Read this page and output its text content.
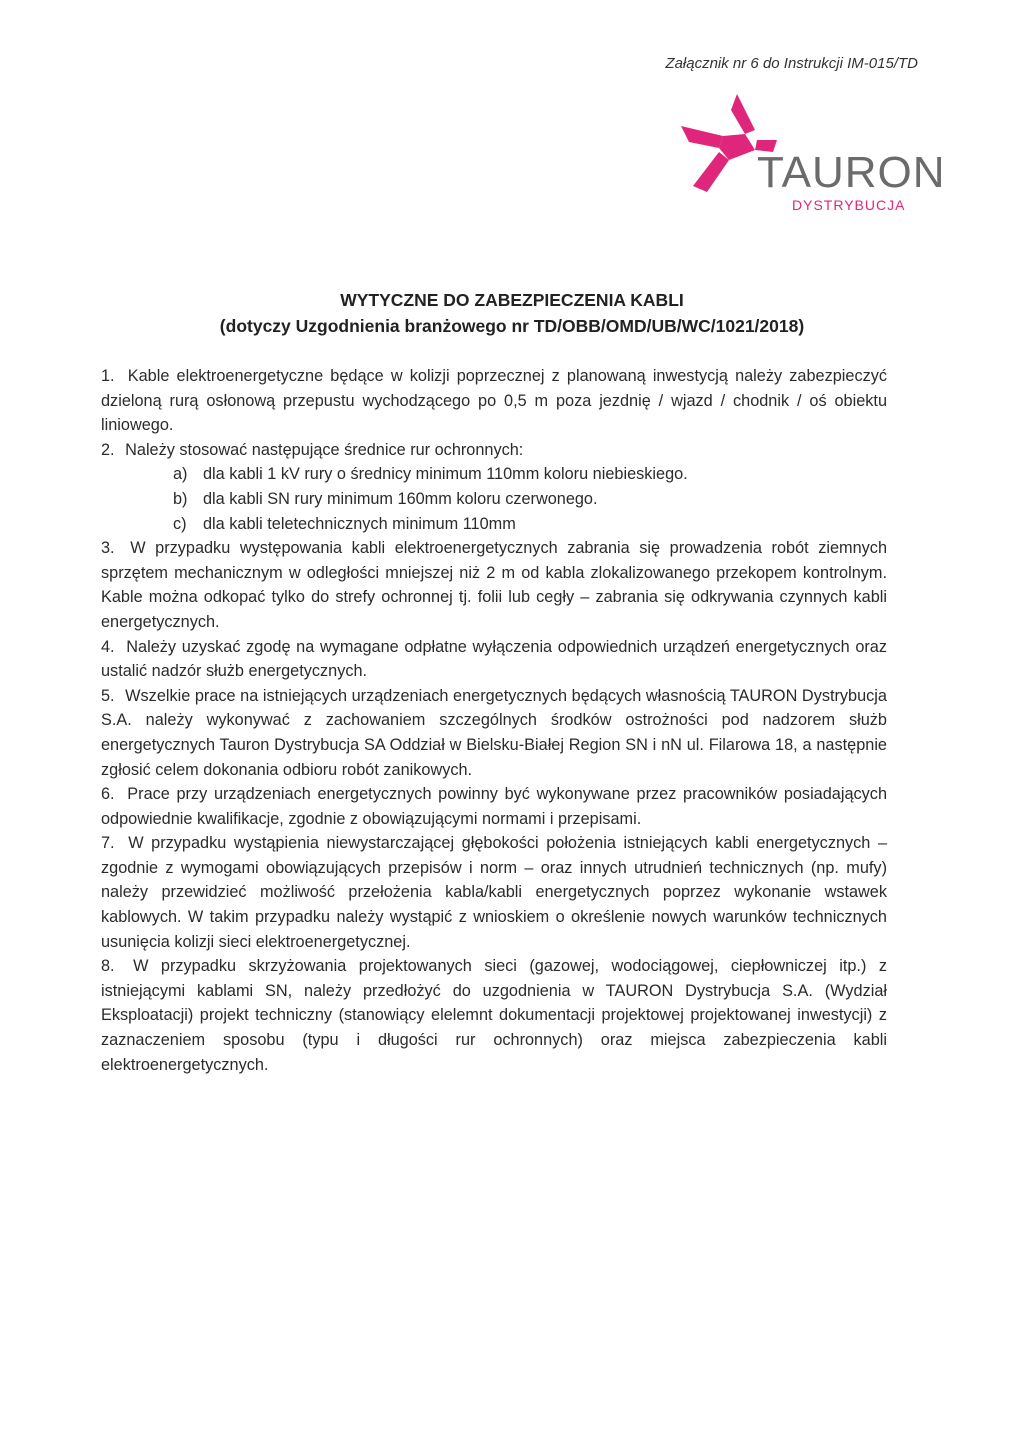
Załącznik nr 6 do Instrukcji IM-015/TD
TAURON
DYSTRYBUCJA
WYTYCZNE DO ZABEZPIECZENIA KABLI
(dotyczy Uzgodnienia branżowego nr TD/OBB/OMD/UB/WC/1021/2018)

1. Kable elektroenergetyczne będące w kolizji poprzecznej z planowaną inwestycją należy zabezpieczyć dzieloną rurą osłonową przepustu wychodzącego po 0,5 m poza jezdnię / wjazd / chodnik / oś obiektu liniowego.

2. Należy stosować następujące średnice rur ochronnych:

a) dla kabli 1 kV rury o średnicy minimum 110mm koloru niebieskiego.

b) dla kabli SN rury minimum 160mm koloru czerwonego.

c) dla kabli teletechnicznych minimum 110mm

3. W przypadku występowania kabli elektroenergetycznych zabrania się prowadzenia robót ziemnych sprzętem mechanicznym w odległości mniejszej niż 2 m od kabla zlokalizowanego przekopem kontrolnym. Kable można odkopać tylko do strefy ochronnej tj. folii lub cegły – zabrania się odkrywania czynnych kabli energetycznych.

4. Należy uzyskać zgodę na wymagane odpłatne wyłączenia odpowiednich urządzeń energetycznych oraz ustalić nadzór służb energetycznych.

5. Wszelkie prace na istniejących urządzeniach energetycznych będących własnością TAURON Dystrybucja S.A. należy wykonywać z zachowaniem szczególnych środków ostrożności pod nadzorem służb energetycznych Tauron Dystrybucja SA Oddział w Bielsku-Białej Region SN i nN ul. Filarowa 18, a następnie zgłosić celem dokonania odbioru robót zanikowych.

6. Prace przy urządzeniach energetycznych powinny być wykonywane przez pracowników posiadających odpowiednie kwalifikacje, zgodnie z obowiązującymi normami i przepisami.

7. W przypadku wystąpienia niewystarczającej głębokości położenia istniejących kabli energetycznych – zgodnie z wymogami obowiązujących przepisów i norm – oraz innych utrudnień technicznych (np. mufy) należy przewidzieć możliwość przełożenia kabla/kabli energetycznych poprzez wykonanie wstawek kablowych. W takim przypadku należy wystąpić z wnioskiem o określenie nowych warunków technicznych usunięcia kolizji sieci elektroenergetycznej.

8. W przypadku skrzyżowania projektowanych sieci (gazowej, wodociągowej, ciepłowniczej itp.) z istniejącymi kablami SN, należy przedłożyć do uzgodnienia w TAURON Dystrybucja S.A. (Wydział Eksploatacji) projekt techniczny (stanowiący elelemnt dokumentacji projektowej projektowanej inwestycji) z zaznaczeniem sposobu (typu i długości rur ochronnych) oraz miejsca zabezpieczenia kabli elektroenergetycznych.
